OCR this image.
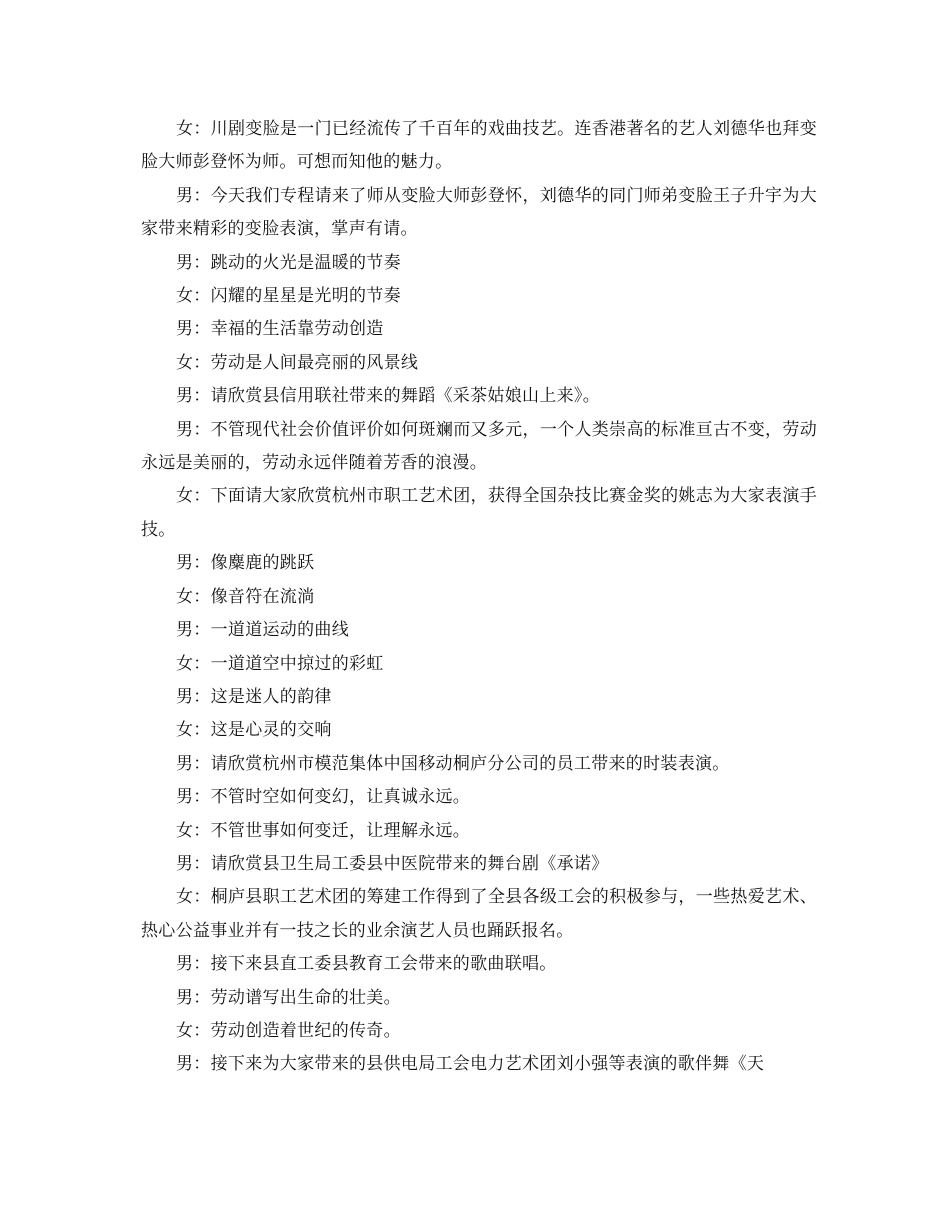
女：川剧变脸是一门已经流传了千百年的戏曲技艺。连香港著名的艺人刘德华也拜变脸大师彭登怀为师。可想而知他的魅力。

男：今天我们专程请来了师从变脸大师彭登怀，刘德华的同门师弟变脸王子升宇为大家带来精彩的变脸表演，掌声有请。

男：跳动的火光是温暖的节奏

女：闪耀的星星是光明的节奏

男：幸福的生活靠劳动创造

女：劳动是人间最亮丽的风景线

男：请欣赏县信用联社带来的舞蹈《采茶姑娘山上来》。

男：不管现代社会价值评价如何斑斓而又多元，一个人类崇高的标准亘古不变，劳动永远是美丽的，劳动永远伴随着芳香的浪漫。

女：下面请大家欣赏杭州市职工艺术团，获得全国杂技比赛金奖的姚志为大家表演手技。

男：像麋鹿的跳跃

女：像音符在流淌

男：一道道运动的曲线

女：一道道空中掠过的彩虹

男：这是迷人的韵律

女：这是心灵的交响

男：请欣赏杭州市模范集体中国移动桐庐分公司的员工带来的时装表演。

男：不管时空如何变幻，让真诚永远。

女：不管世事如何变迁，让理解永远。

男：请欣赏县卫生局工委县中医院带来的舞台剧《承诺》

女：桐庐县职工艺术团的筹建工作得到了全县各级工会的积极参与，一些热爱艺术、热心公益事业并有一技之长的业余演艺人员也踊跃报名。

男：接下来县直工委县教育工会带来的歌曲联唱。

男：劳动谱写出生命的壮美。

女：劳动创造着世纪的传奇。

男：接下来为大家带来的县供电局工会电力艺术团刘小强等表演的歌伴舞《天
